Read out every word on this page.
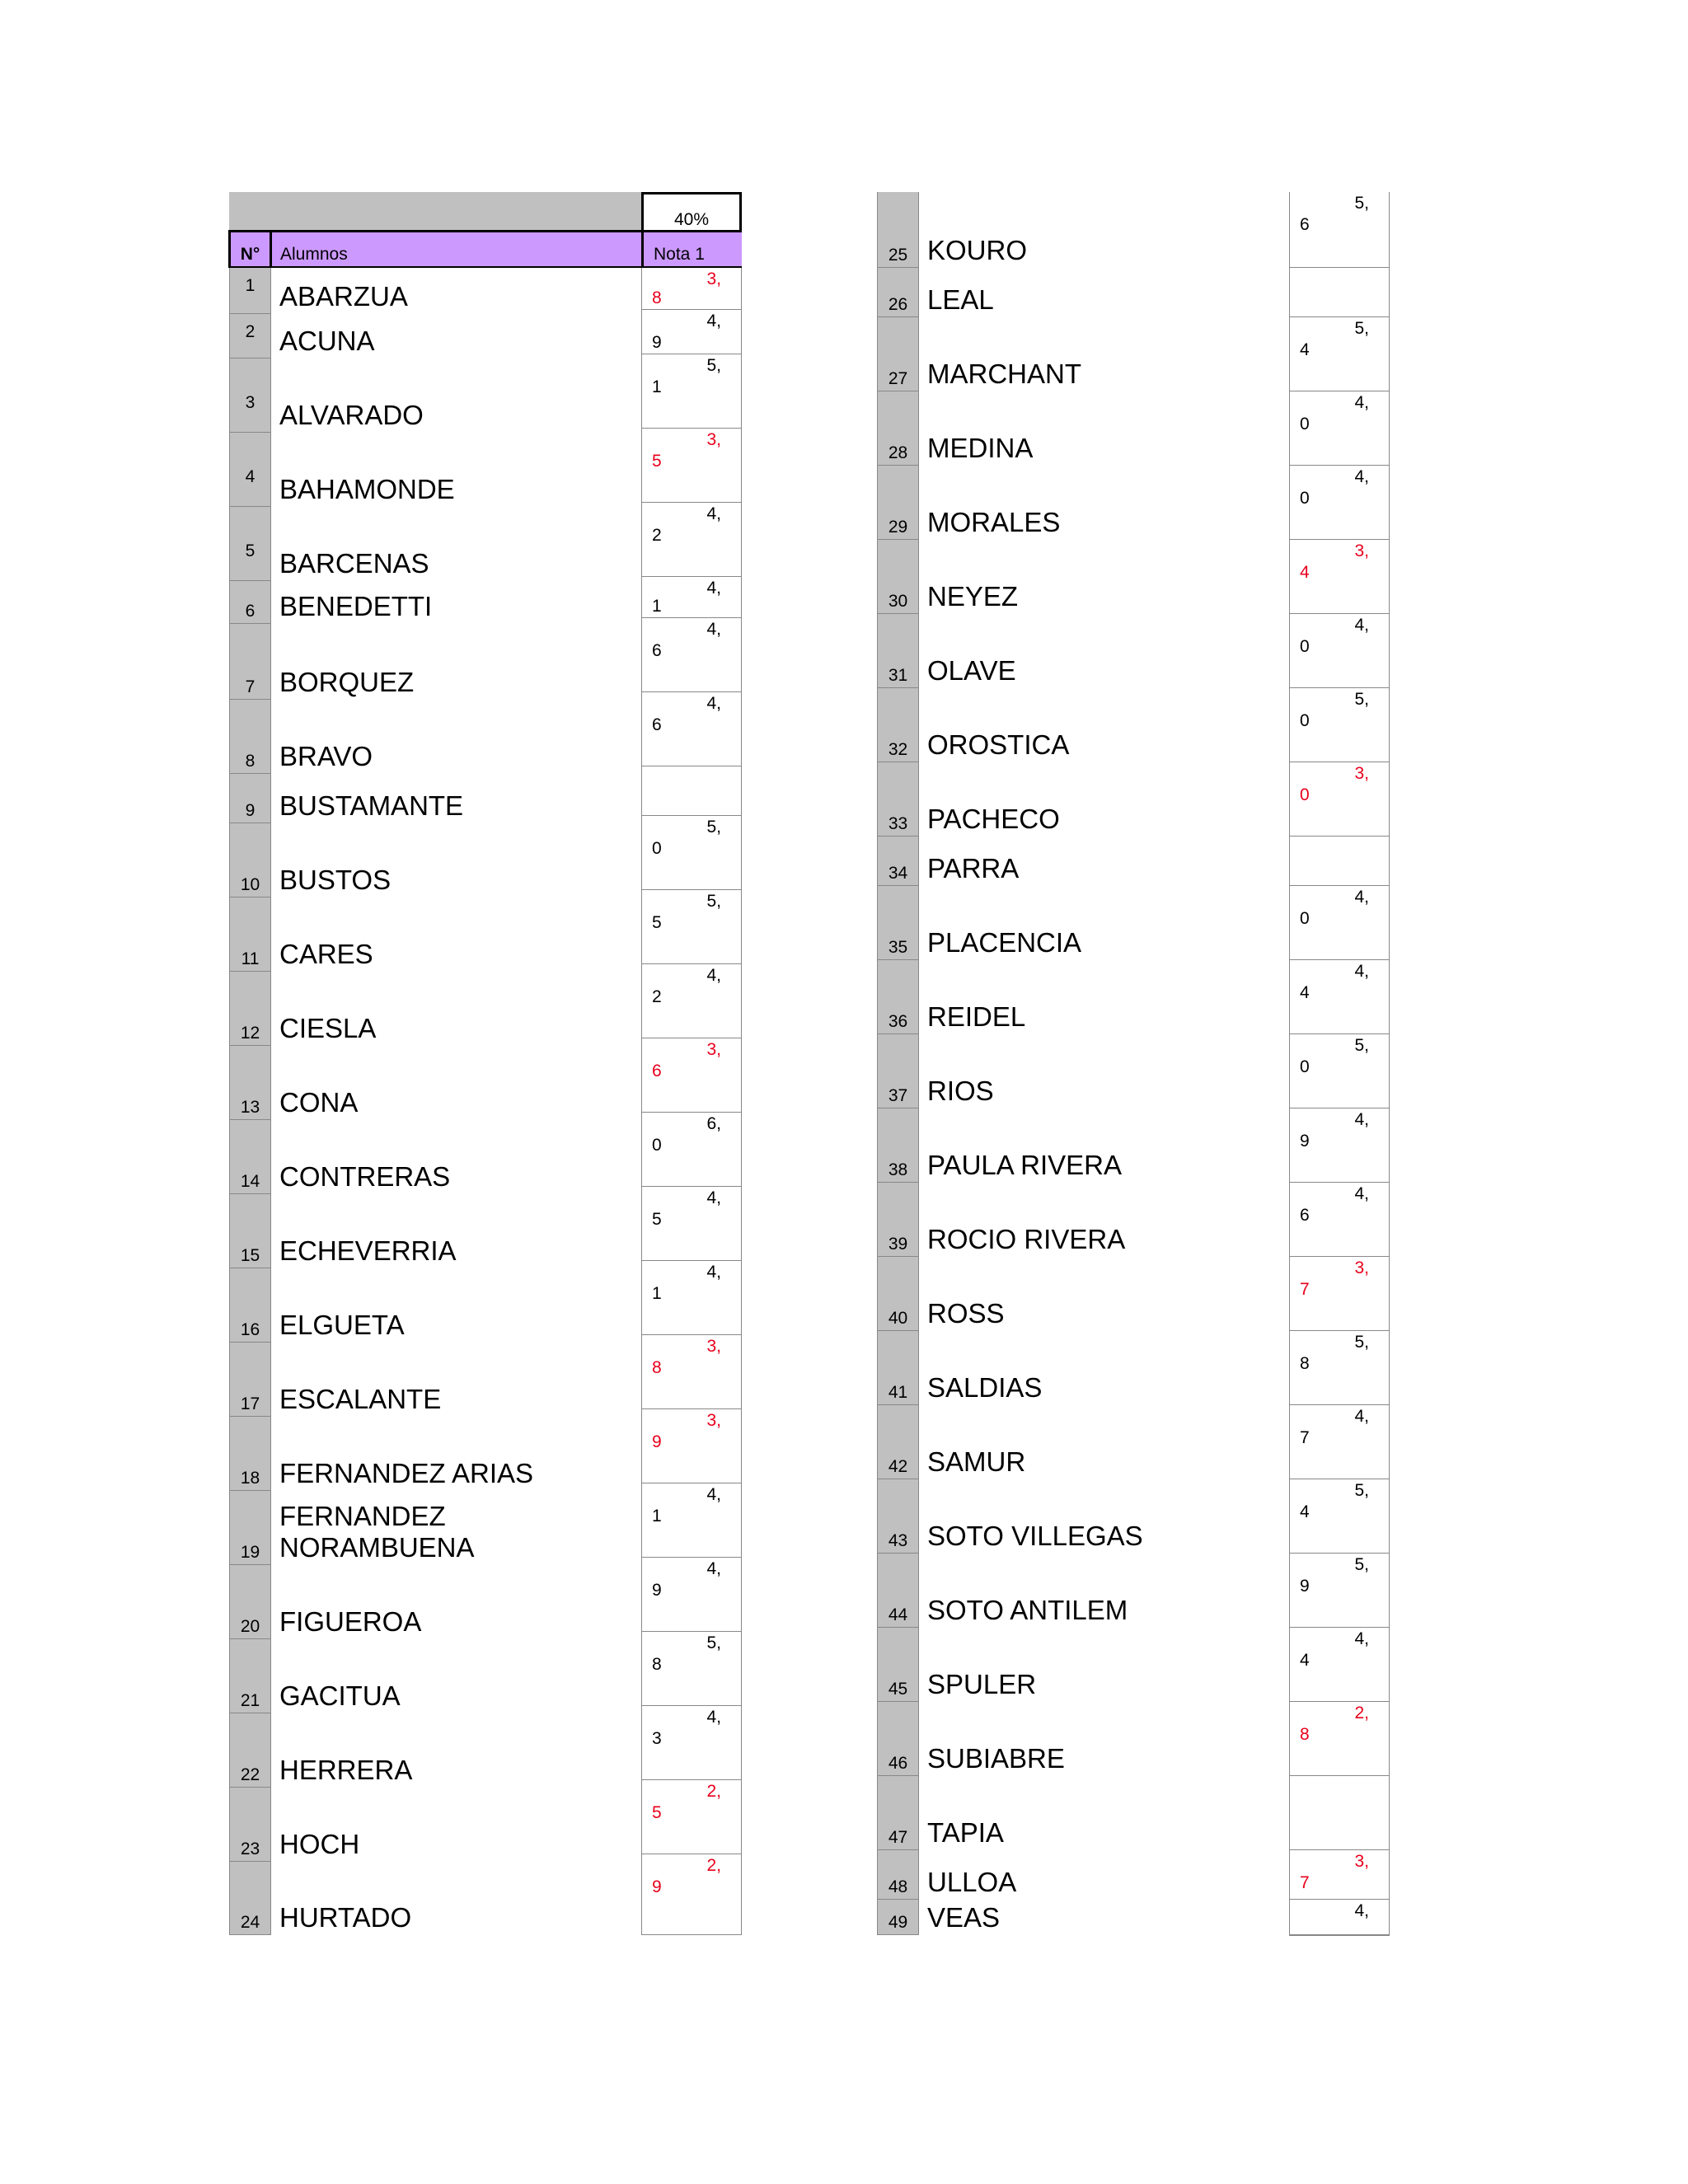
40%
N° Alumnos	Nota 1
1 ABARZUA
2 ACUNA
3 ALVARADO
4 BAHAMONDE
5 BARCENAS
6 BENEDETTI
7 BORQUEZ
8 BRAVO
9 BUSTAMANTE
10 BUSTOS
11 CARES
12 CIESLA
13 CONA
14 CONTRERAS
15 ECHEVERRIA
16 ELGUETA
17 ESCALANTE
18 FERNANDEZ ARIAS
19
FERNANDEZ
NORAMBUENA
20 FIGUEROA
21 GACITUA
22 HERRERA
23 HOCH
24 HURTADO
3,
8
4,
9
5,
1
3,
5
4,
2
4,
1
4,
6
4,
6
5,
0
5,
5
4,
2
3,
6
6,
0
4,
5
4,
1
3,
8
3,
9
4,
1
4,
9
5,
8
4,
3
2,
5
2,
9
25 KOURO
26 LEAL
27 MARCHANT
28 MEDINA
29 MORALES
30 NEYEZ
31 OLAVE
32 OROSTICA
33 PACHECO
34 PARRA
35 PLACENCIA
36 REIDEL
37 RIOS
38 PAULA RIVERA
39 ROCIO RIVERA
40 ROSS
41 SALDIAS
42 SAMUR
43 SOTO VILLEGAS
44 SOTO ANTILEM
45 SPULER
46 SUBIABRE
47 TAPIA
48 ULLOA
49 VEAS
5,
6
5,
4
4,
0
4,
0
3,
4
4,
0
5,
0
3,
0
4,
0
4,
4
5,
0
4,
9
4,
6
3,
7
5,
8
4,
7
5,
4
5,
9
4,
4
2,
8
3,
7
4,
